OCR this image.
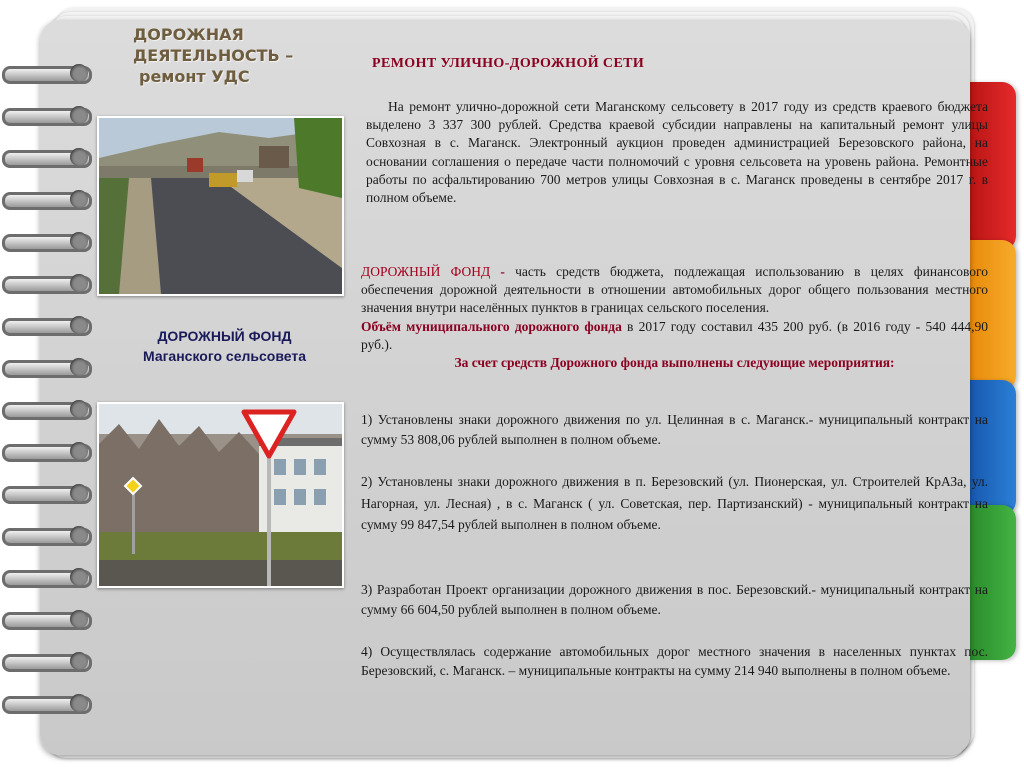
ДОРОЖНАЯ
ДЕЯТЕЛЬНОСТЬ –
ремонт УДС
ДОРОЖНЫЙ ФОНД
Маганского сельсовета
РЕМОНТ УЛИЧНО-ДОРОЖНОЙ СЕТИ
На ремонт улично-дорожной сети Маганскому сельсовету в 2017 году из средств краевого бюджета выделено 3 337 300 рублей. Средства краевой субсидии направлены на капитальный ремонт улицы Совхозная в с. Маганск. Электронный аукцион проведен администрацией Березовского района, на основании соглашения о передаче части полномочий с уровня сельсовета на уровень района. Ремонтные работы по асфальтированию 700 метров улицы Совхозная в с. Маганск проведены в сентябре 2017 г. в полном объеме.
ДОРОЖНЫЙ ФОНД - часть средств бюджета, подлежащая использованию в целях финансового обеспечения дорожной деятельности в отношении автомобильных дорог общего пользования местного значения внутри населённых пунктов в границах сельского поселения.
Объём муниципального дорожного фонда в 2017 году составил 435 200 руб. (в 2016 году - 540 444,90 руб.).
За счет средств Дорожного фонда выполнены следующие мероприятия:
1) Установлены знаки дорожного движения по ул. Целинная в с. Маганск.- муниципальный контракт на сумму 53 808,06 рублей выполнен в полном объеме.
2) Установлены знаки дорожного движения в п. Березовский (ул. Пионерская, ул. Строителей КрАЗа, ул. Нагорная, ул. Лесная) , в с. Маганск ( ул. Советская, пер. Партизанский) - муниципальный контракт на сумму 99 847,54 рублей выполнен в полном объеме.
3) Разработан Проект организации дорожного движения в пос. Березовский.- муниципальный контракт на сумму 66 604,50 рублей выполнен в полном объеме.
4) Осуществлялась содержание автомобильных дорог местного значения в населенных пунктах пос. Березовский, с. Маганск. – муниципальные контракты на сумму 214 940 выполнены в полном объеме.
